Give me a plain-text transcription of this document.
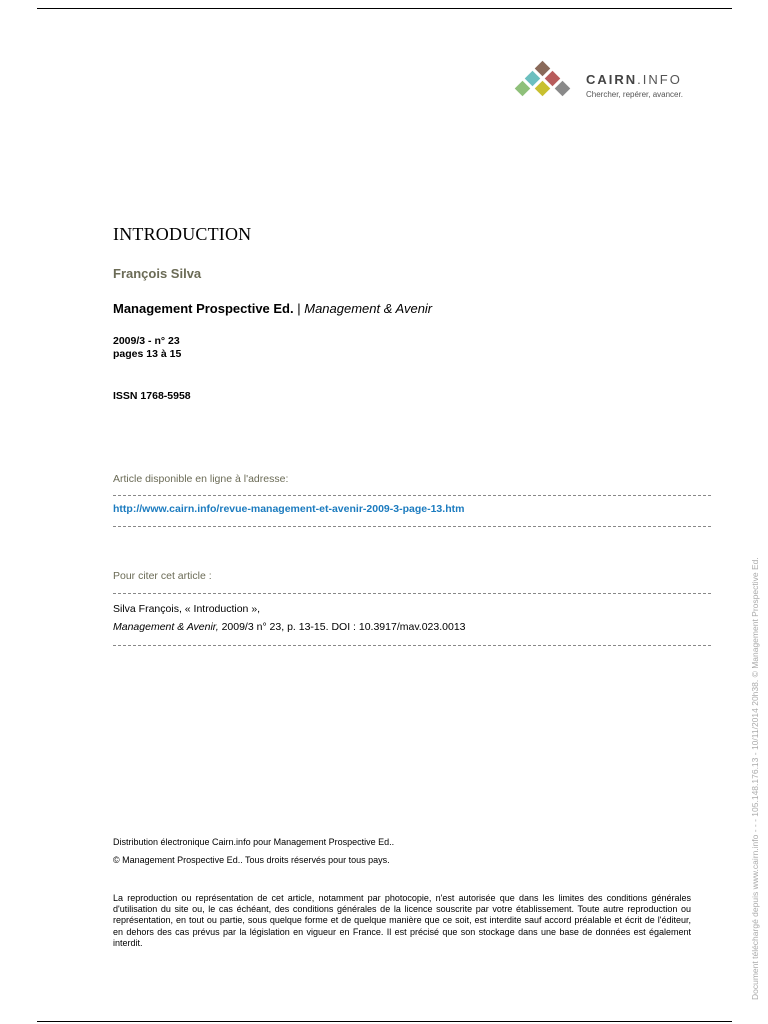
CAIRN.INFO
Chercher, repérer, avancer.
INTRODUCTION
François Silva
Management Prospective Ed. | Management & Avenir
2009/3 - n° 23
pages 13 à 15
ISSN 1768-5958
Article disponible en ligne à l'adresse:
http://www.cairn.info/revue-management-et-avenir-2009-3-page-13.htm
Pour citer cet article :
Silva François, « Introduction »,
Management & Avenir, 2009/3 n° 23, p. 13-15. DOI : 10.3917/mav.023.0013
Distribution électronique Cairn.info pour Management Prospective Ed..
© Management Prospective Ed.. Tous droits réservés pour tous pays.
La reproduction ou représentation de cet article, notamment par photocopie, n'est autorisée que dans les limites des conditions générales d'utilisation du site ou, le cas échéant, des conditions générales de la licence souscrite par votre établissement. Toute autre reproduction ou représentation, en tout ou partie, sous quelque forme et de quelque manière que ce soit, est interdite sauf accord préalable et écrit de l'éditeur, en dehors des cas prévus par la législation en vigueur en France. Il est précisé que son stockage dans une base de données est également interdit.	Document téléchargé depuis www.cairn.info - - - 105.148.176.13 - 10/11/2014 20h38. © Management Prospective Ed.
